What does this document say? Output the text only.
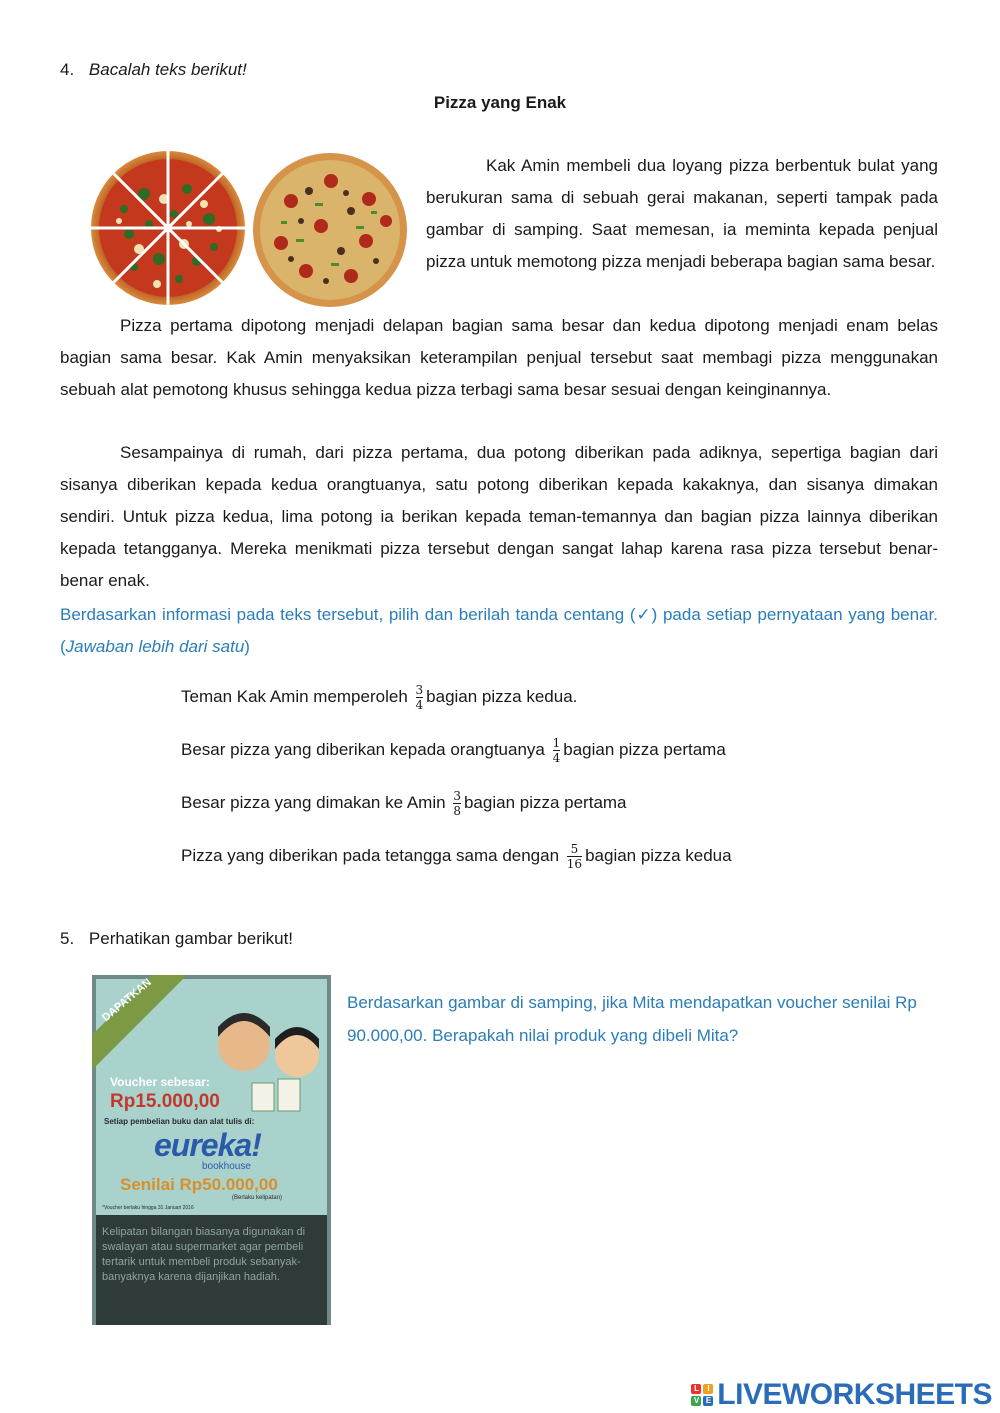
4. Bacalah teks berikut!
Pizza yang Enak
Kak Amin membeli dua loyang pizza berbentuk bulat yang berukuran sama di sebuah gerai makanan, seperti tampak pada gambar di samping. Saat memesan, ia meminta kepada penjual pizza untuk memotong pizza menjadi beberapa bagian sama besar.
Pizza pertama dipotong menjadi delapan bagian sama besar dan kedua dipotong menjadi enam belas bagian sama besar. Kak Amin menyaksikan keterampilan penjual tersebut saat membagi pizza menggunakan sebuah alat pemotong khusus sehingga kedua pizza terbagi sama besar sesuai dengan keinginannya.
Sesampainya di rumah, dari pizza pertama, dua potong diberikan pada adiknya, sepertiga bagian dari sisanya diberikan kepada kedua orangtuanya, satu potong diberikan kepada kakaknya, dan sisanya dimakan sendiri. Untuk pizza kedua, lima potong ia berikan kepada teman-temannya dan bagian pizza lainnya diberikan kepada tetangganya. Mereka menikmati pizza tersebut dengan sangat lahap karena rasa pizza tersebut benar-benar enak.
Berdasarkan informasi pada teks tersebut, pilih dan berilah tanda centang (✓) pada setiap pernyataan yang benar. (Jawaban lebih dari satu)
Teman Kak Amin memperoleh $\frac{3}{4}$ bagian pizza kedua.
Besar pizza yang diberikan kepada orangtuanya $\frac{1}{4}$ bagian pizza pertama
Besar pizza yang dimakan ke Amin $\frac{3}{8}$ bagian pizza pertama
Pizza yang diberikan pada tetangga sama dengan $\frac{5}{16}$ bagian pizza kedua
5. Perhatikan gambar berikut!
DAPATKAN
Voucher sebesar:
Rp15.000,00
Setiap pembelian buku dan alat tulis di:
eureka!
bookhouse
Senilai Rp50.000,00
(Berlaku kelipatan)
*Voucher berlaku hingga 31 Januari 2016
Kelipatan bilangan biasanya digunakan di swalayan atau supermarket agar pembeli tertarik untuk membeli produk sebanyak-banyaknya karena dijanjikan hadiah.
Berdasarkan gambar di samping, jika Mita mendapatkan voucher senilai Rp 90.000,00. Berapakah nilai produk yang dibeli Mita?
L	I
V E LIVEWORKSHEETS
